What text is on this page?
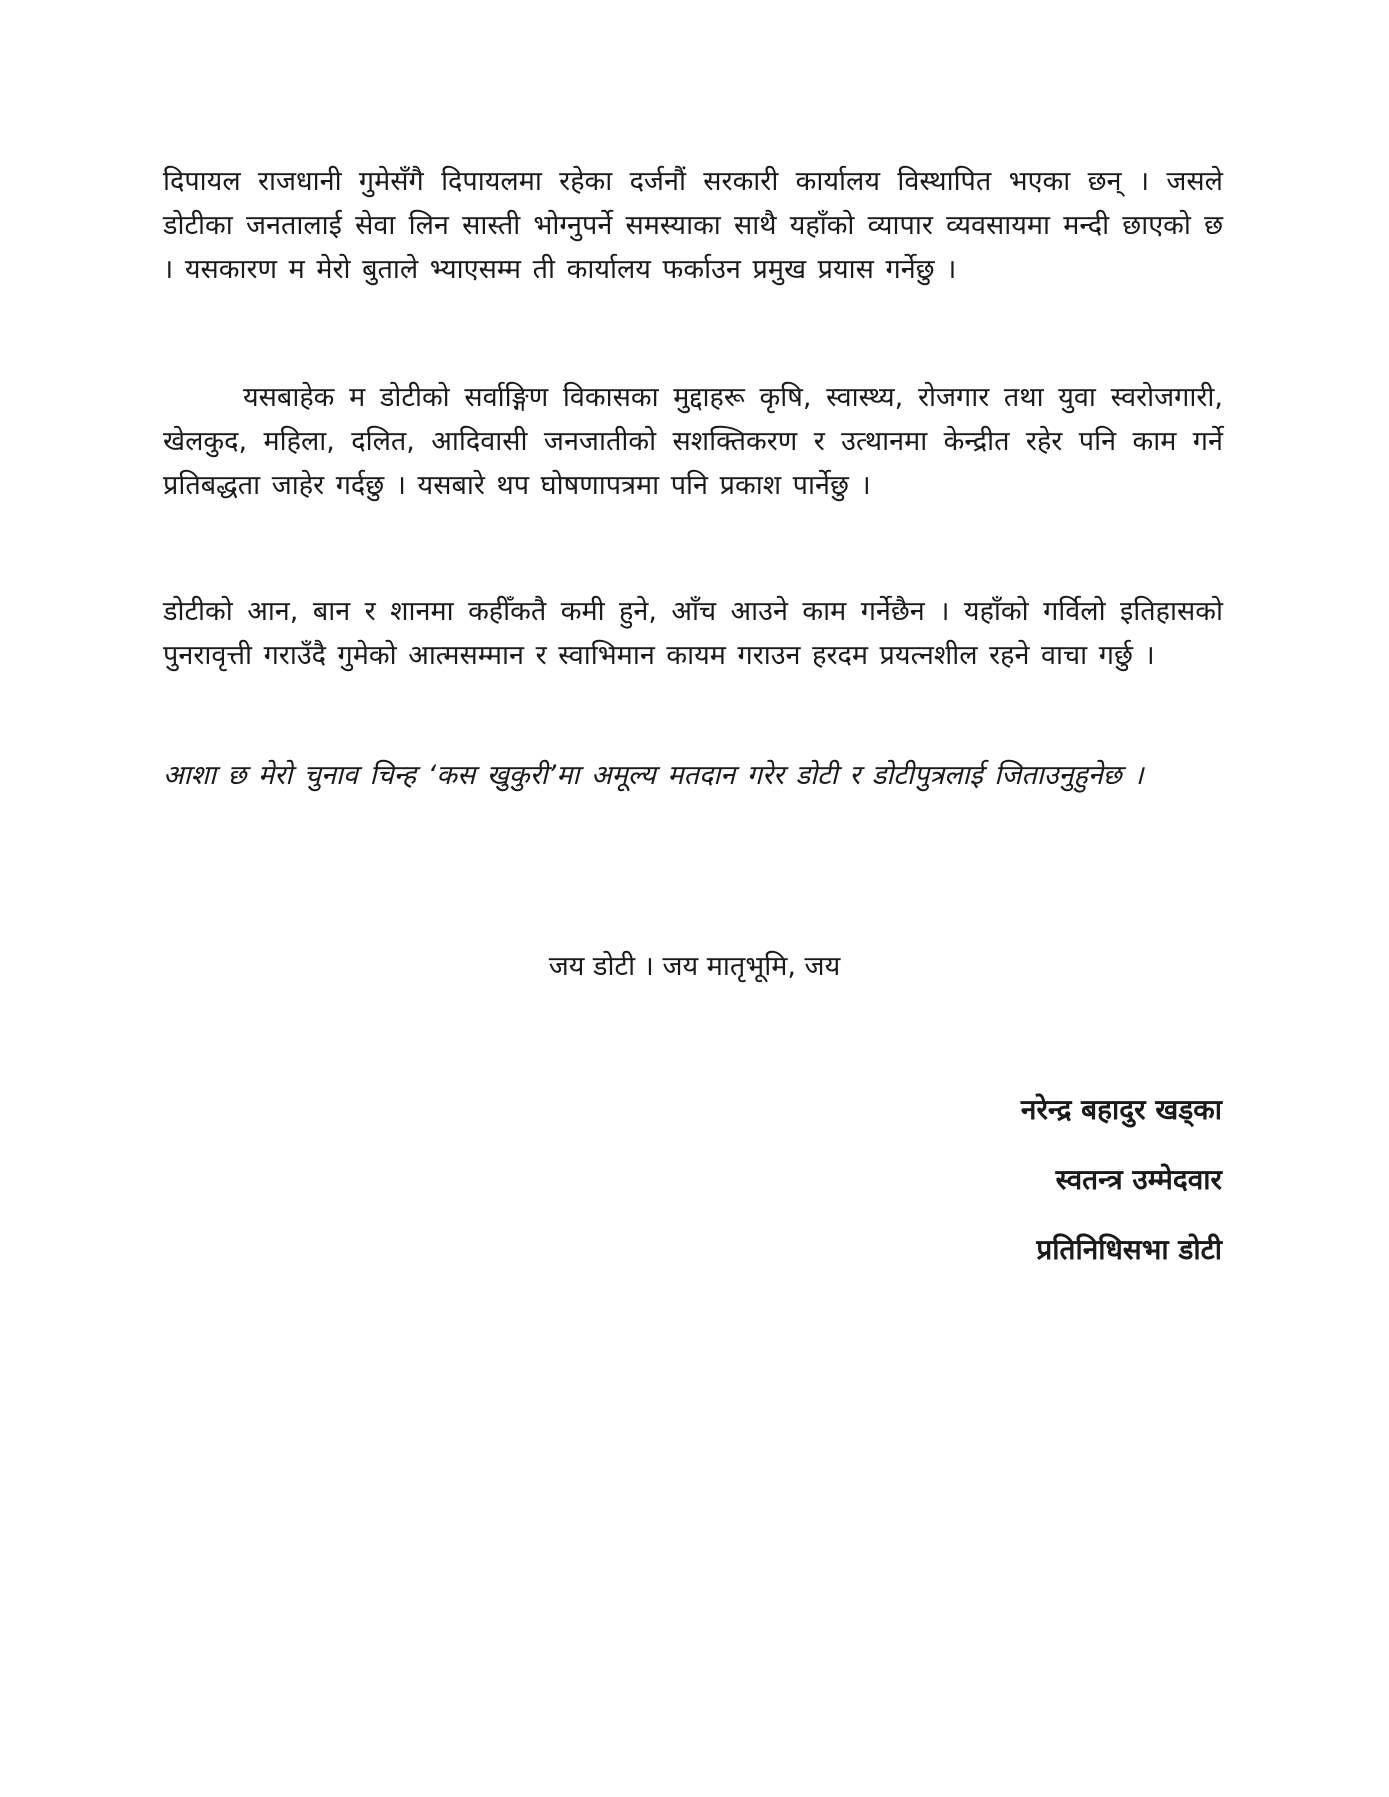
दिपायल राजधानी गुमेसँगै दिपायलमा रहेका दर्जनौं सरकारी कार्यालय विस्थापित भएका छन् । जसले डोटीका जनतालाई सेवा लिन सास्ती भोग्नुपर्ने समस्याका साथै यहाँको व्यापार व्यवसायमा मन्दी छाएको छ । यसकारण म मेरो बुताले भ्याएसम्म ती कार्यालय फर्काउन प्रमुख प्रयास गर्नेछु ।

यसबाहेक म डोटीको सर्वाङ्गिण विकासका मुद्दाहरू कृषि, स्वास्थ्य, रोजगार तथा युवा स्वरोजगारी, खेलकुद, महिला, दलित, आदिवासी जनजातीको सशक्तिकरण र उत्थानमा केन्द्रीत रहेर पनि काम गर्ने प्रतिबद्धता जाहेर गर्दछु । यसबारे थप घोषणापत्रमा पनि प्रकाश पार्नेछु ।

डोटीको आन, बान र शानमा कहीँकतै कमी हुने, आँच आउने काम गर्नेछैन । यहाँको गर्विलो इतिहासको पुनरावृत्ती गराउँदै गुमेको आत्मसम्मान र स्वाभिमान कायम गराउन हरदम प्रयत्नशील रहने वाचा गर्छु ।

आशा छ मेरो चुनाव चिन्ह ‘कस खुकुरी’मा अमूल्य मतदान गरेर डोटी र डोटीपुत्रलाई जिताउनुहुनेछ ।

जय डोटी । जय मातृभूमि, जय

नरेन्द्र बहादुर खड्का

स्वतन्त्र उम्मेदवार

प्रतिनिधिसभा डोटी
